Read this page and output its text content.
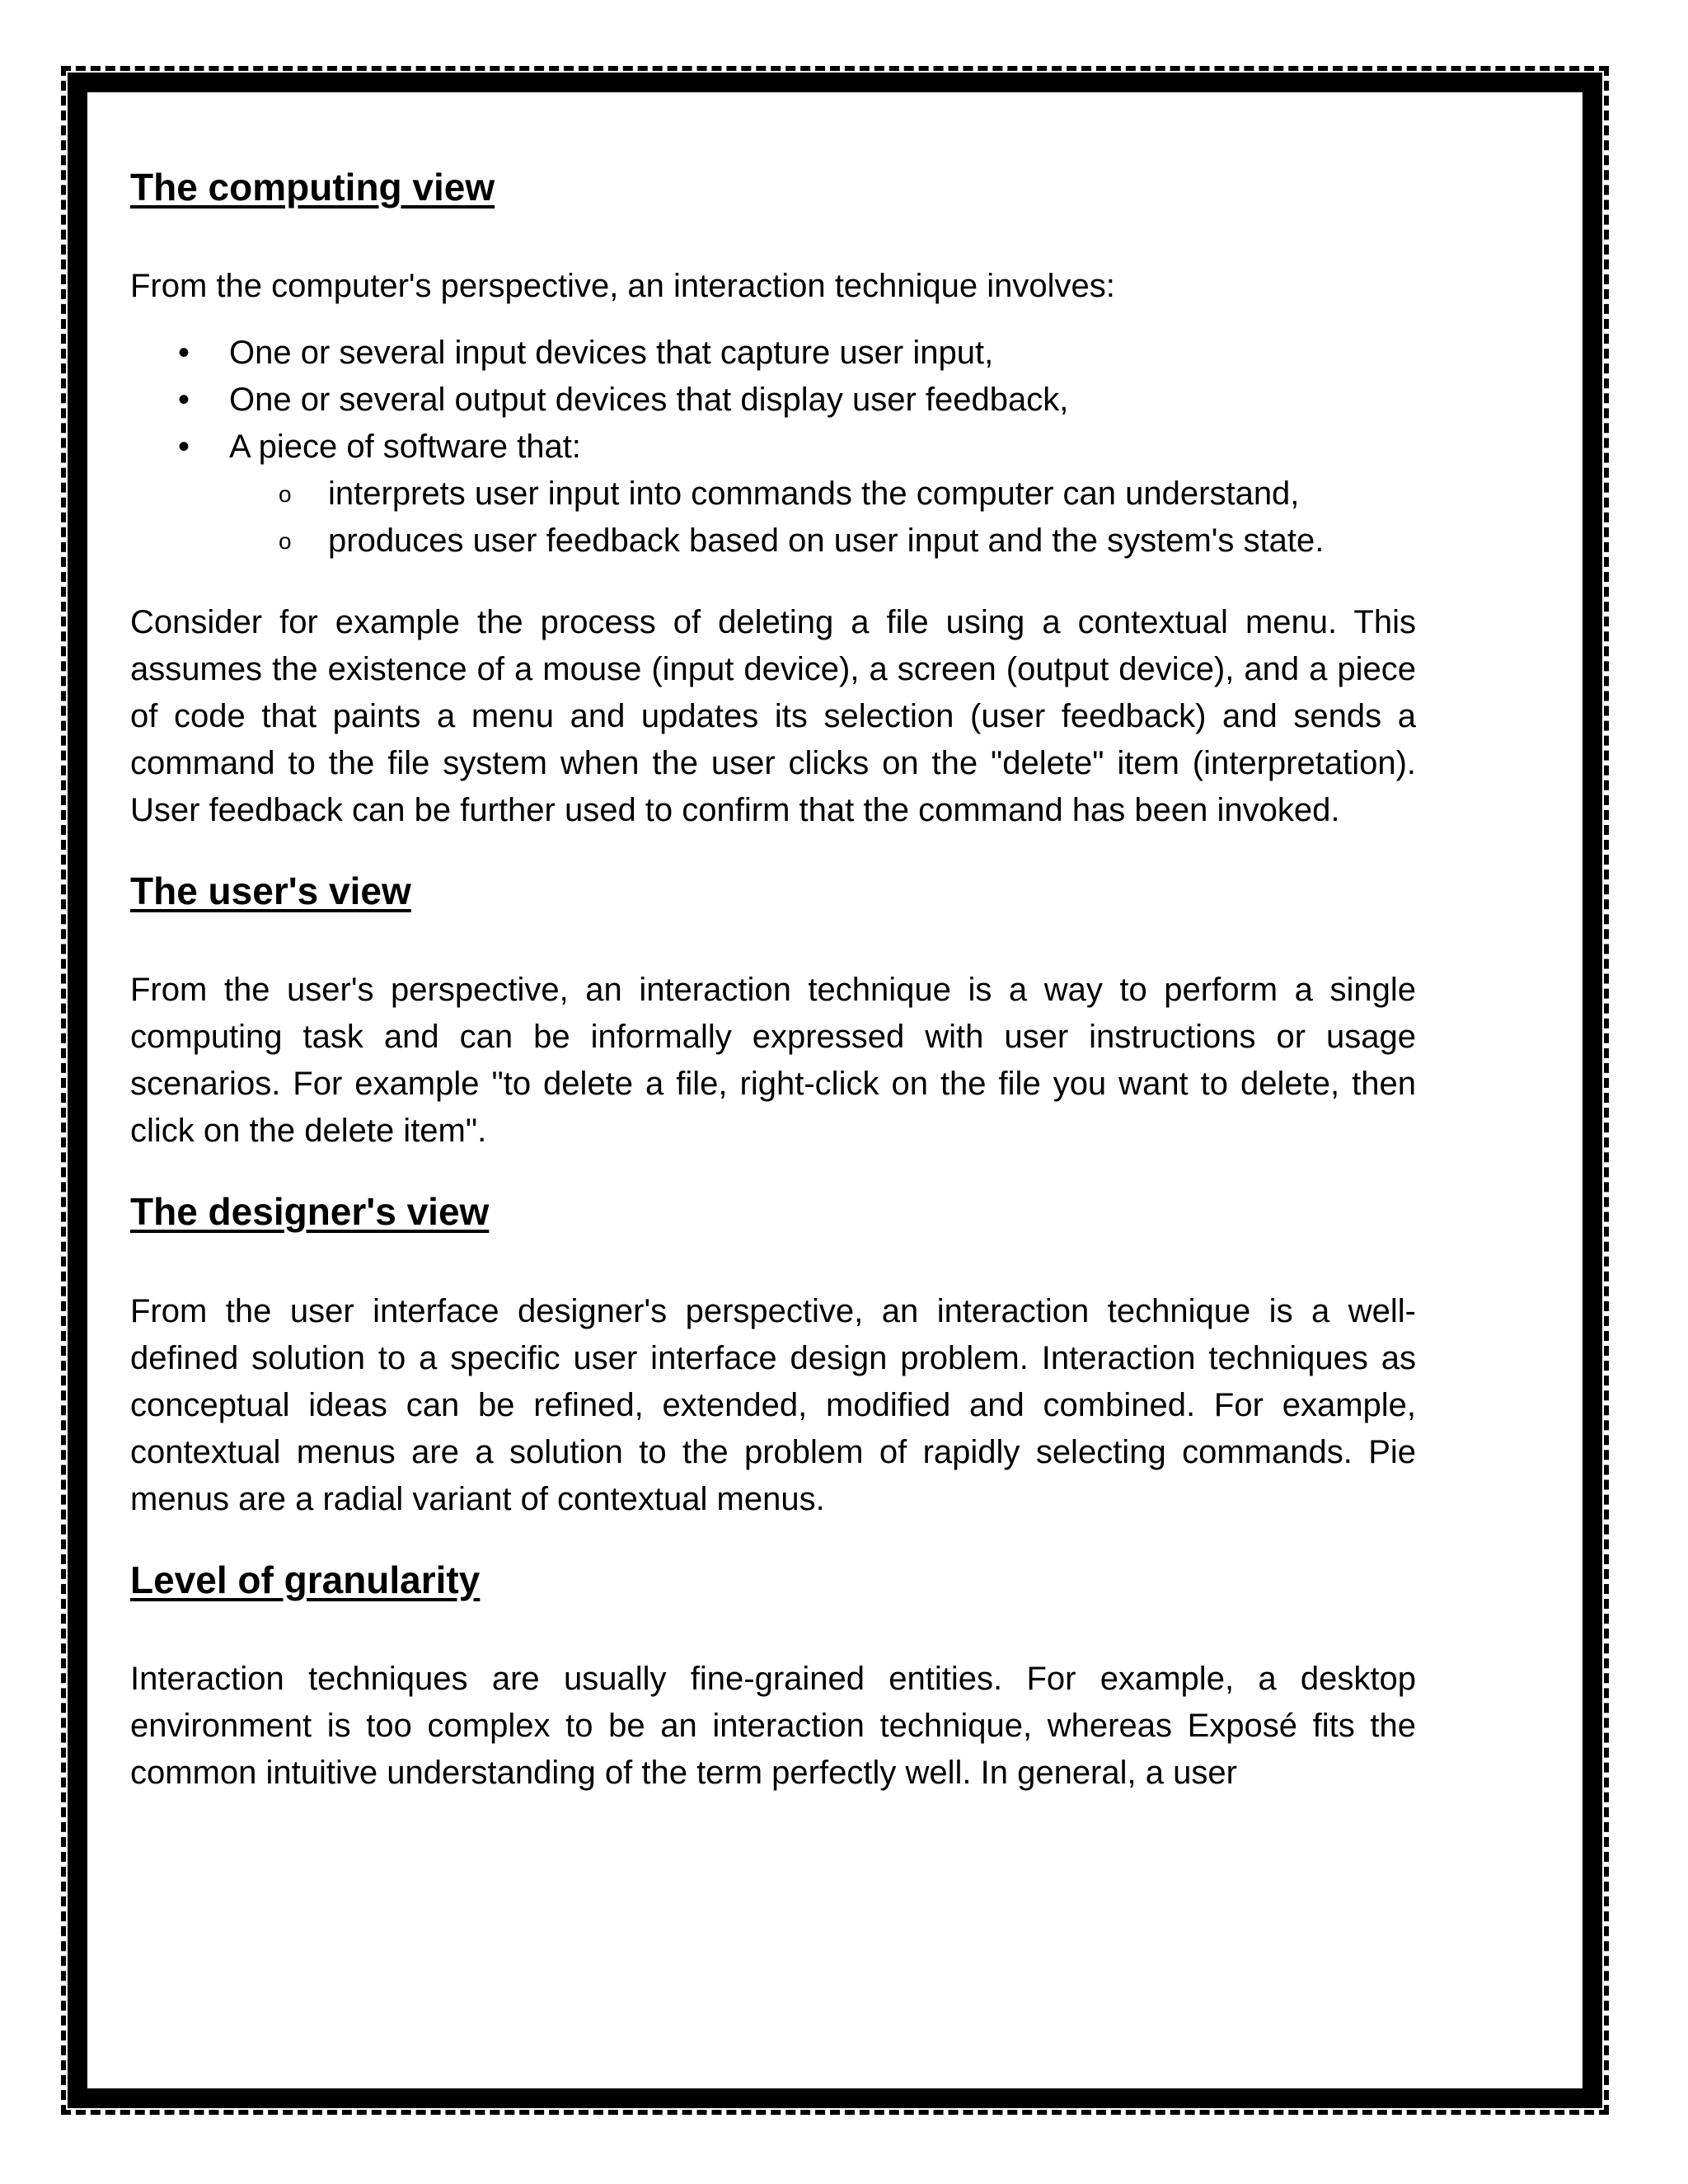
The computing view

From the computer's perspective, an interaction technique involves:

• One or several input devices that capture user input,
• One or several output devices that display user feedback,
• A piece of software that:
o interprets user input into commands the computer can understand,
o produces user feedback based on user input and the system's state.

Consider for example the process of deleting a file using a contextual menu. This assumes the existence of a mouse (input device), a screen (output device), and a piece of code that paints a menu and updates its selection (user feedback) and sends a command to the file system when the user clicks on the "delete" item (interpretation). User feedback can be further used to confirm that the command has been invoked.

The user's view

From the user's perspective, an interaction technique is a way to perform a single computing task and can be informally expressed with user instructions or usage scenarios. For example "to delete a file, right-click on the file you want to delete, then click on the delete item".

The designer's view

From the user interface designer's perspective, an interaction technique is a well-defined solution to a specific user interface design problem. Interaction techniques as conceptual ideas can be refined, extended, modified and combined. For example, contextual menus are a solution to the problem of rapidly selecting commands. Pie menus are a radial variant of contextual menus.

Level of granularity

Interaction techniques are usually fine-grained entities. For example, a desktop environment is too complex to be an interaction technique, whereas Exposé fits the common intuitive understanding of the term perfectly well. In general, a user
